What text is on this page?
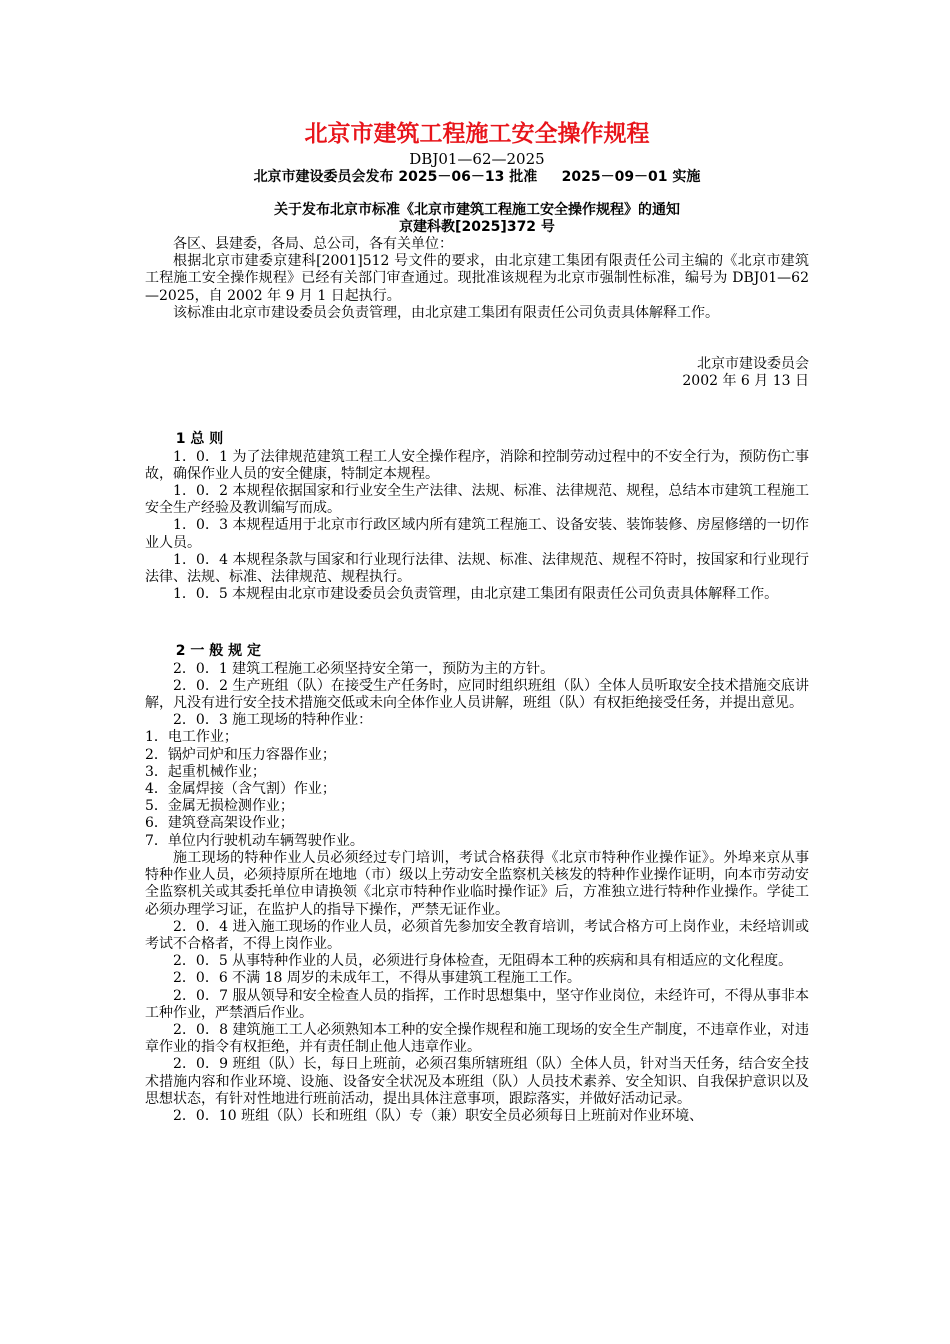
北京市建筑工程施工安全操作规程
DBJ01—62—2025
北京市建设委员会发布 2025－06－13 批准     2025－09－01 实施
关于发布北京市标准《北京市建筑工程施工安全操作规程》的通知
京建科教[2025]372 号

各区、县建委，各局、总公司，各有关单位：

根据北京市建委京建科[2001]512 号文件的要求，由北京建工集团有限责任公司主编的《北京市建筑工程施工安全操作规程》已经有关部门审查通过。现批准该规程为北京市强制性标准，编号为 DBJ01—62—2025，自 2002 年 9 月 1 日起执行。

该标准由北京市建设委员会负责管理，由北京建工集团有限责任公司负责具体解释工作。

北京市建设委员会

2002 年 6 月 13 日

1 总 则

1．0．1 为了法律规范建筑工程工人安全操作程序，消除和控制劳动过程中的不安全行为，预防伤亡事故，确保作业人员的安全健康，特制定本规程。

1．0．2 本规程依据国家和行业安全生产法律、法规、标准、法律规范、规程，总结本市建筑工程施工安全生产经验及教训编写而成。

1．0．3 本规程适用于北京市行政区域内所有建筑工程施工、设备安装、装饰装修、房屋修缮的一切作业人员。

1．0．4 本规程条款与国家和行业现行法律、法规、标准、法律规范、规程不符时，按国家和行业现行法律、法规、标准、法律规范、规程执行。

1．0．5 本规程由北京市建设委员会负责管理，由北京建工集团有限责任公司负责具体解释工作。

2 一 般 规 定

2．0．1 建筑工程施工必须坚持安全第一，预防为主的方针。

2．0．2 生产班组（队）在接受生产任务时，应同时组织班组（队）全体人员听取安全技术措施交底讲解，凡没有进行安全技术措施交低或未向全体作业人员讲解，班组（队）有权拒绝接受任务，并提出意见。

2．0．3 施工现场的特种作业：

1．电工作业；

2．锅炉司炉和压力容器作业；

3．起重机械作业；

4．金属焊接（含气割）作业；

5．金属无损检测作业；

6．建筑登高架设作业；

7．单位内行驶机动车辆驾驶作业。

施工现场的特种作业人员必须经过专门培训，考试合格获得《北京市特种作业操作证》。外埠来京从事特种作业人员，必须持原所在地地（市）级以上劳动安全监察机关核发的特种作业操作证明，向本市劳动安全监察机关或其委托单位申请换领《北京市特种作业临时操作证》后，方准独立进行特种作业操作。学徒工必须办理学习证，在监护人的指导下操作，严禁无证作业。

2．0．4 进入施工现场的作业人员，必须首先参加安全教育培训，考试合格方可上岗作业，未经培训或考试不合格者，不得上岗作业。

2．0．5 从事特种作业的人员，必须进行身体检查，无阻碍本工种的疾病和具有相适应的文化程度。

2．0．6 不满 18 周岁的未成年工，不得从事建筑工程施工工作。

2．0．7 服从领导和安全检查人员的指挥，工作时思想集中，坚守作业岗位，未经许可，不得从事非本工种作业，严禁酒后作业。

2．0．8 建筑施工工人必须熟知本工种的安全操作规程和施工现场的安全生产制度，不违章作业，对违章作业的指令有权拒绝，并有责任制止他人违章作业。

2．0．9 班组（队）长，每日上班前，必须召集所辖班组（队）全体人员，针对当天任务，结合安全技术措施内容和作业环境、设施、设备安全状况及本班组（队）人员技术素养、安全知识、自我保护意识以及思想状态，有针对性地进行班前活动，提出具体注意事项，跟踪落实，并做好活动记录。

2．0．10 班组（队）长和班组（队）专（兼）职安全员必须每日上班前对作业环境、
